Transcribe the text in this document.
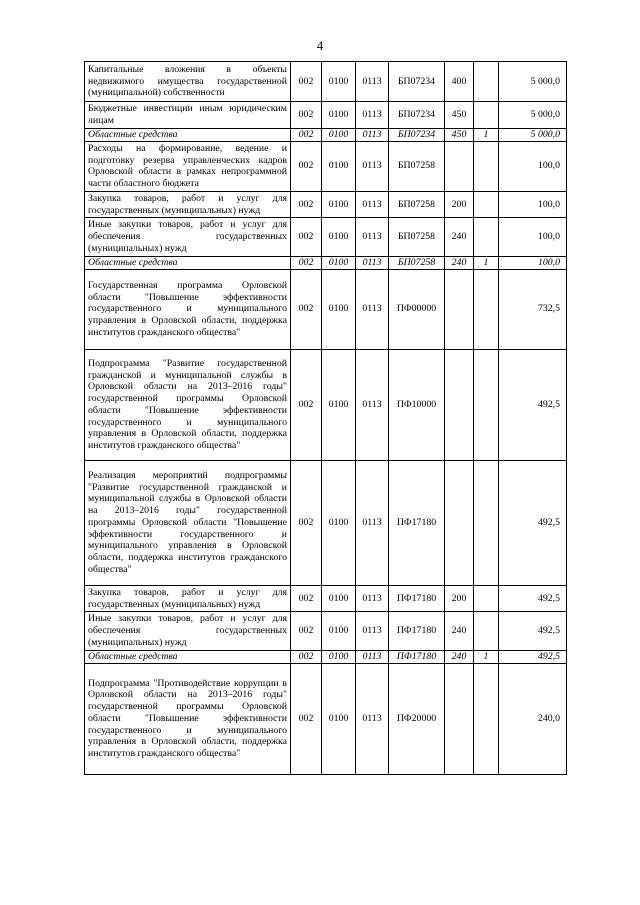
4
Капитальные вложения в объекты недвижимого имущества государственной (муниципальной) собственности	002	0100	0113	БП07234	400		5 000,0
Бюджетные инвестиции иным юридическим лицам	002	0100	0113	БП07234	450		5 000,0
Областные средства	002	0100	0113	БП07234	450	1	5 000,0
Расходы на формирование, ведение и подготовку резерва управленческих кадров Орловской области в рамках непрограммной части областного бюджета	002	0100	0113	БП07258			100,0
Закупка товаров, работ и услуг для государственных (муниципальных) нужд	002	0100	0113	БП07258	200		100,0
Иные закупки товаров, работ и услуг для обеспечения государственных (муниципальных) нужд	002	0100	0113	БП07258	240		100,0
Областные средства	002	0100	0113	БП07258	240	1	100,0
Государственная программа Орловской области "Повышение эффективности государственного и муниципального управления в Орловской области, поддержка институтов гражданского общества"	002	0100	0113	ПФ00000			732,5
Подпрограмма "Развитие государственной гражданской и муниципальной службы в Орловской области на 2013–2016 годы" государственной программы Орловской области "Повышение эффективности государственного и муниципального управления в Орловской области, поддержка институтов гражданского общества"	002	0100	0113	ПФ10000			492,5
Реализация мероприятий подпрограммы "Развитие государственной гражданской и муниципальной службы в Орловской области на 2013–2016 годы" государственной программы Орловской области "Повышение эффективности государственного и муниципального управления в Орловской области, поддержка институтов гражданского общества"	002	0100	0113	ПФ17180			492,5
Закупка товаров, работ и услуг для государственных (муниципальных) нужд	002	0100	0113	ПФ17180	200		492,5
Иные закупки товаров, работ и услуг для обеспечения государственных (муниципальных) нужд	002	0100	0113	ПФ17180	240		492,5
Областные средства	002	0100	0113	ПФ17180	240	1	492,5
Подпрограмма "Противодействие коррупции в Орловской области на 2013–2016 годы" государственной программы Орловской области "Повышение эффективности государственного и муниципального управления в Орловской области, поддержка институтов гражданского общества"	002	0100	0113	ПФ20000			240,0
